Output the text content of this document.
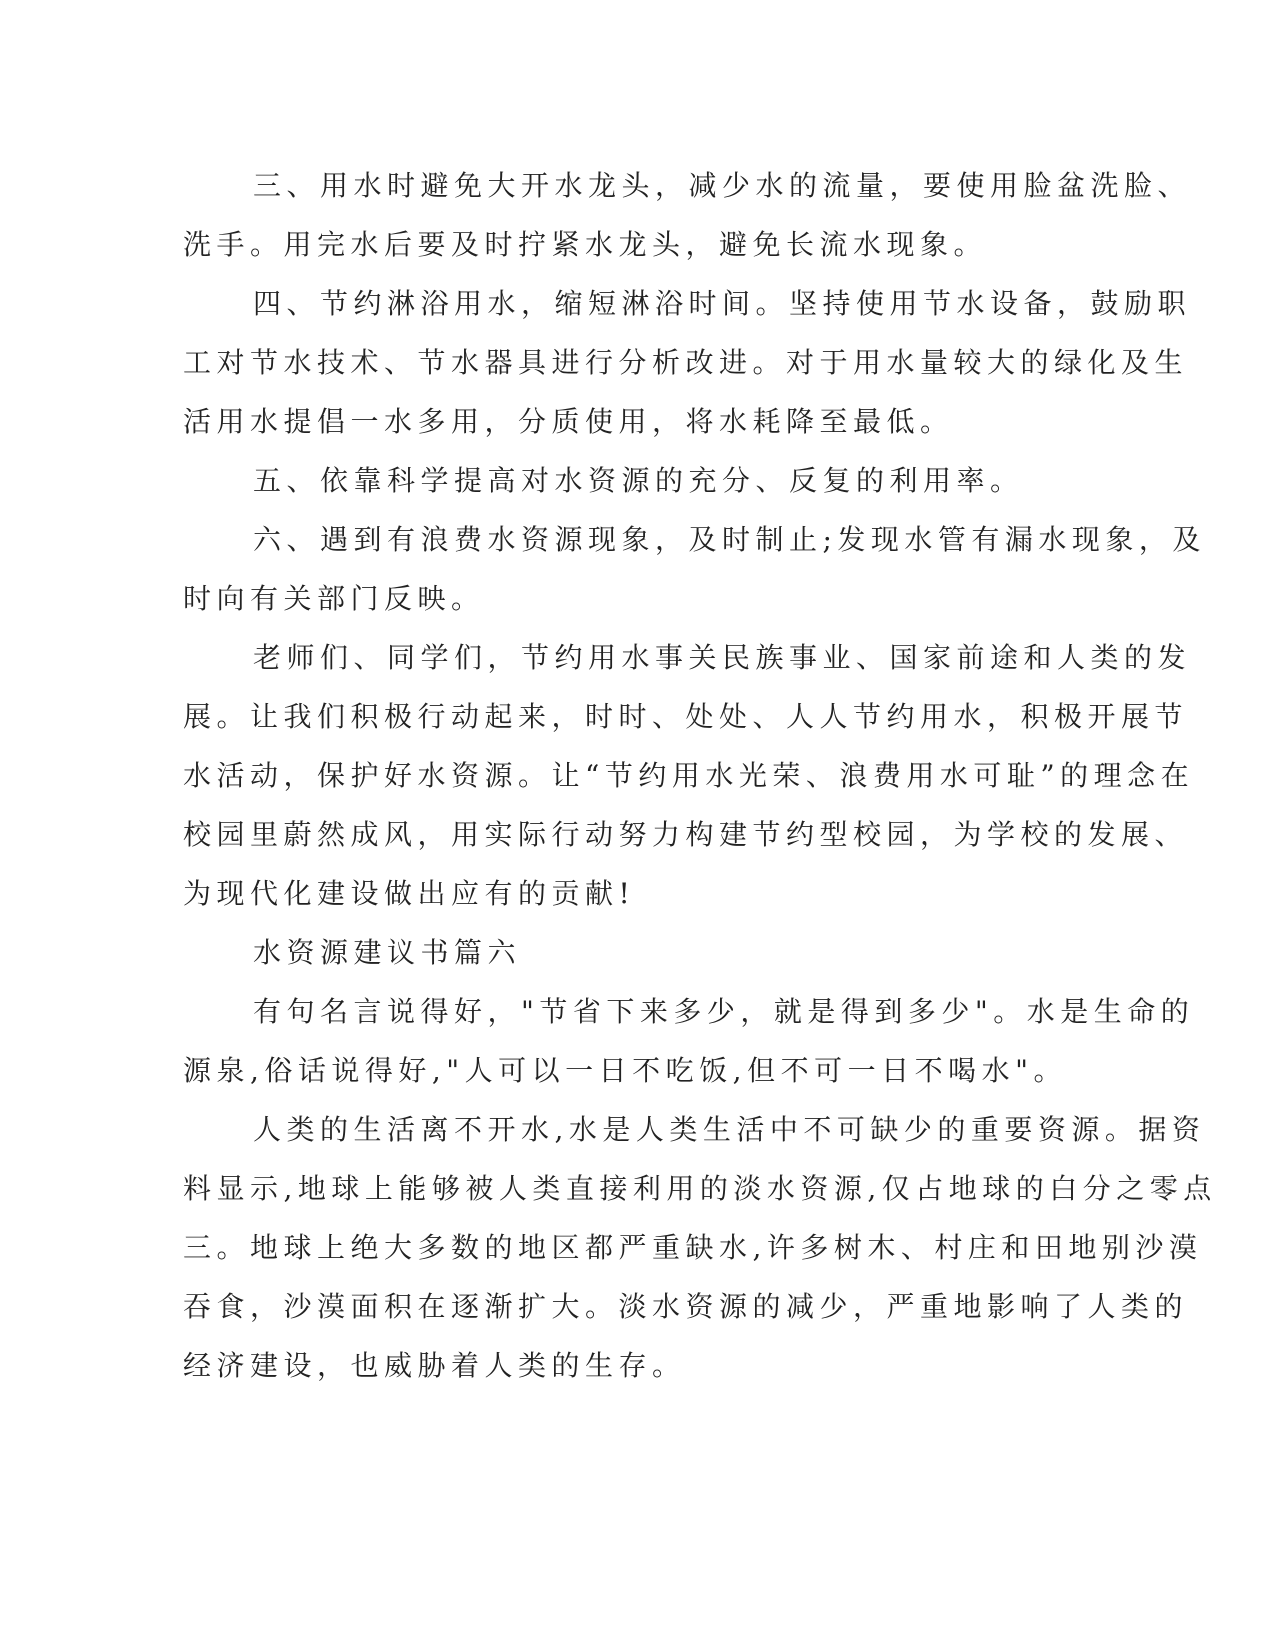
三、用水时避免大开水龙头，减少水的流量，要使用脸盆洗脸、

洗手。用完水后要及时拧紧水龙头，避免长流水现象。

四、节约淋浴用水，缩短淋浴时间。坚持使用节水设备，鼓励职

工对节水技术、节水器具进行分析改进。对于用水量较大的绿化及生

活用水提倡一水多用，分质使用，将水耗降至最低。

五、依靠科学提高对水资源的充分、反复的利用率。

六、遇到有浪费水资源现象，及时制止;发现水管有漏水现象，及

时向有关部门反映。

老师们、同学们，节约用水事关民族事业、国家前途和人类的发

展。让我们积极行动起来，时时、处处、人人节约用水，积极开展节

水活动，保护好水资源。让“节约用水光荣、浪费用水可耻”的理念在

校园里蔚然成风，用实际行动努力构建节约型校园，为学校的发展、

为现代化建设做出应有的贡献!

水资源建议书篇六

有句名言说得好，"节省下来多少，就是得到多少"。水是生命的

源泉,俗话说得好,"人可以一日不吃饭,但不可一日不喝水"。

人类的生活离不开水,水是人类生活中不可缺少的重要资源。据资

料显示,地球上能够被人类直接利用的淡水资源,仅占地球的白分之零点

三。地球上绝大多数的地区都严重缺水,许多树木、村庄和田地别沙漠

吞食，沙漠面积在逐渐扩大。淡水资源的减少，严重地影响了人类的

经济建设，也威胁着人类的生存。
